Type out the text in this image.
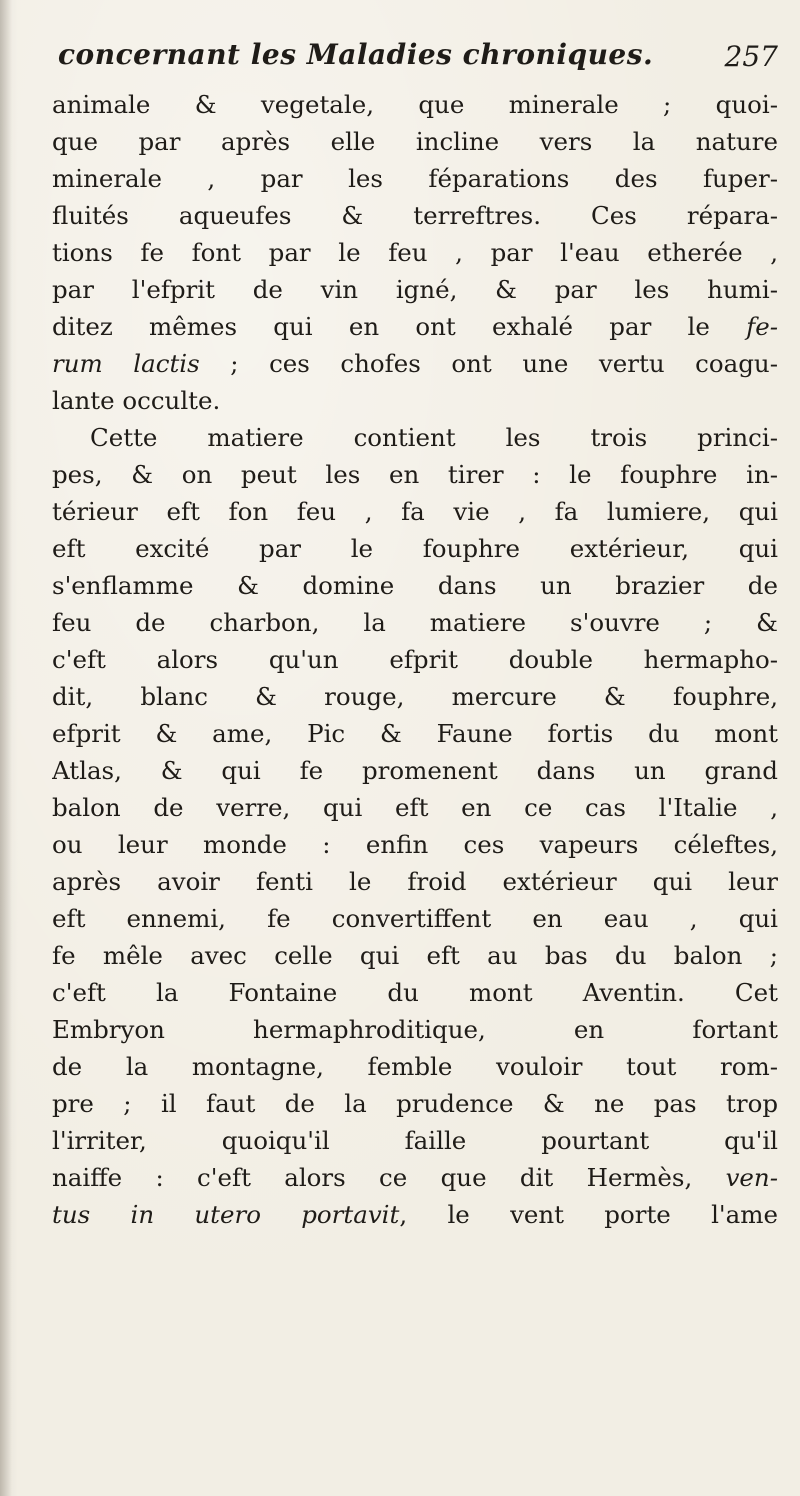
concernant les Maladies chroniques.	257
animale & vegetale, que minerale ; quoi-
que par après elle incline vers la nature
minerale , par les féparations des fuper-
fluités aqueufes & terreftres. Ces répara-
tions fe font par le feu , par l'eau etherée ,
par l'efprit de vin igné, & par les humi-
ditez mêmes qui en ont exhalé par le fe-
rum lactis ; ces chofes ont une vertu coagu-
lante occulte.
Cette matiere contient les trois princi-
pes, & on peut les en tirer : le fouphre in-
térieur eft fon feu , fa vie , fa lumiere, qui
eft excité par le fouphre extérieur, qui
s'enflamme & domine dans un brazier de
feu de charbon, la matiere s'ouvre ; &
c'eft alors qu'un efprit double hermapho-
dit, blanc & rouge, mercure & fouphre,
efprit & ame, Pic & Faune fortis du mont
Atlas, & qui fe promenent dans un grand
balon de verre, qui eft en ce cas l'Italie ,
ou leur monde : enfin ces vapeurs céleftes,
après avoir fenti le froid extérieur qui leur
eft ennemi, fe convertiffent en eau , qui
fe mêle avec celle qui eft au bas du balon ;
c'eft la Fontaine du mont Aventin. Cet
Embryon hermaphroditique, en fortant
de la montagne, femble vouloir tout rom-
pre ; il faut de la prudence & ne pas trop
l'irriter, quoiqu'il faille pourtant qu'il
naiffe : c'eft alors ce que dit Hermès, ven-
tus in utero portavit, le vent porte l'ame
